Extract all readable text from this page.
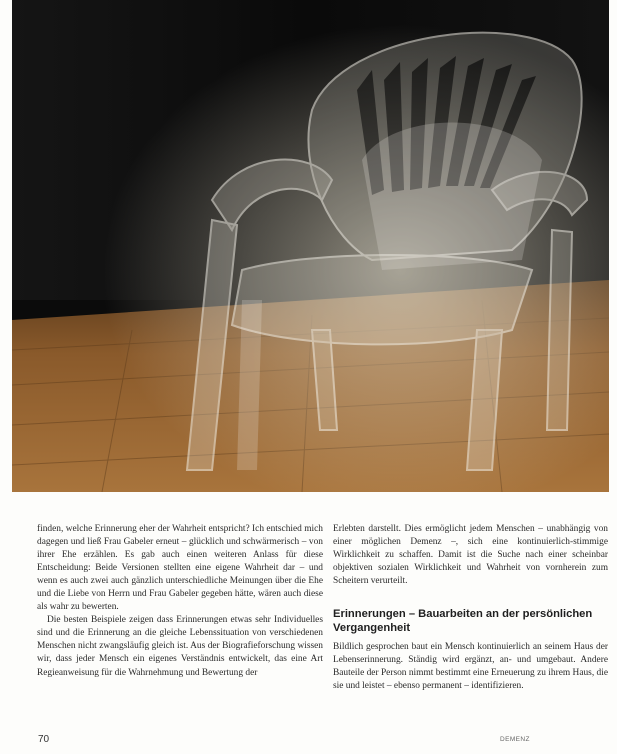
finden, welche Erinnerung eher der Wahrheit entspricht? Ich entschied mich dagegen und ließ Frau Gabeler erneut – glücklich und schwärmerisch – von ihrer Ehe erzählen. Es gab auch einen weiteren Anlass für diese Entscheidung: Beide Versionen stellten eine eigene Wahrheit dar – und wenn es auch zwei auch gänzlich unterschiedliche Meinungen über die Ehe und die Liebe von Herrn und Frau Gabeler gegeben hätte, wären auch diese als wahr zu bewerten.

Die besten Beispiele zeigen dass Erinnerungen etwas sehr Individuelles sind und die Erinnerung an die gleiche Lebenssituation von verschiedenen Menschen nicht zwangsläufig gleich ist. Aus der Biografieforschung wissen wir, dass jeder Mensch ein eigenes Verständnis entwickelt, das eine Art Regieanweisung für die Wahrnehmung und Bewertung der

Erlebten darstellt. Dies ermöglicht jedem Menschen – unabhängig von einer möglichen Demenz –, sich eine kontinuierlich-stimmige Wirklichkeit zu schaffen. Damit ist die Suche nach einer scheinbar objektiven sozialen Wirklichkeit und Wahrheit von vornherein zum Scheitern verurteilt.

Erinnerungen – Bauarbeiten an der persönlichen Vergangenheit

Bildlich gesprochen baut ein Mensch kontinuierlich an seinem Haus der Lebenserinnerung. Ständig wird ergänzt, an- und umgebaut. Andere Bauteile der Person nimmt bestimmt eine Erneuerung zu ihrem Haus, die sie und leistet – ebenso permanent – identifizieren.

70	DEMENZ
